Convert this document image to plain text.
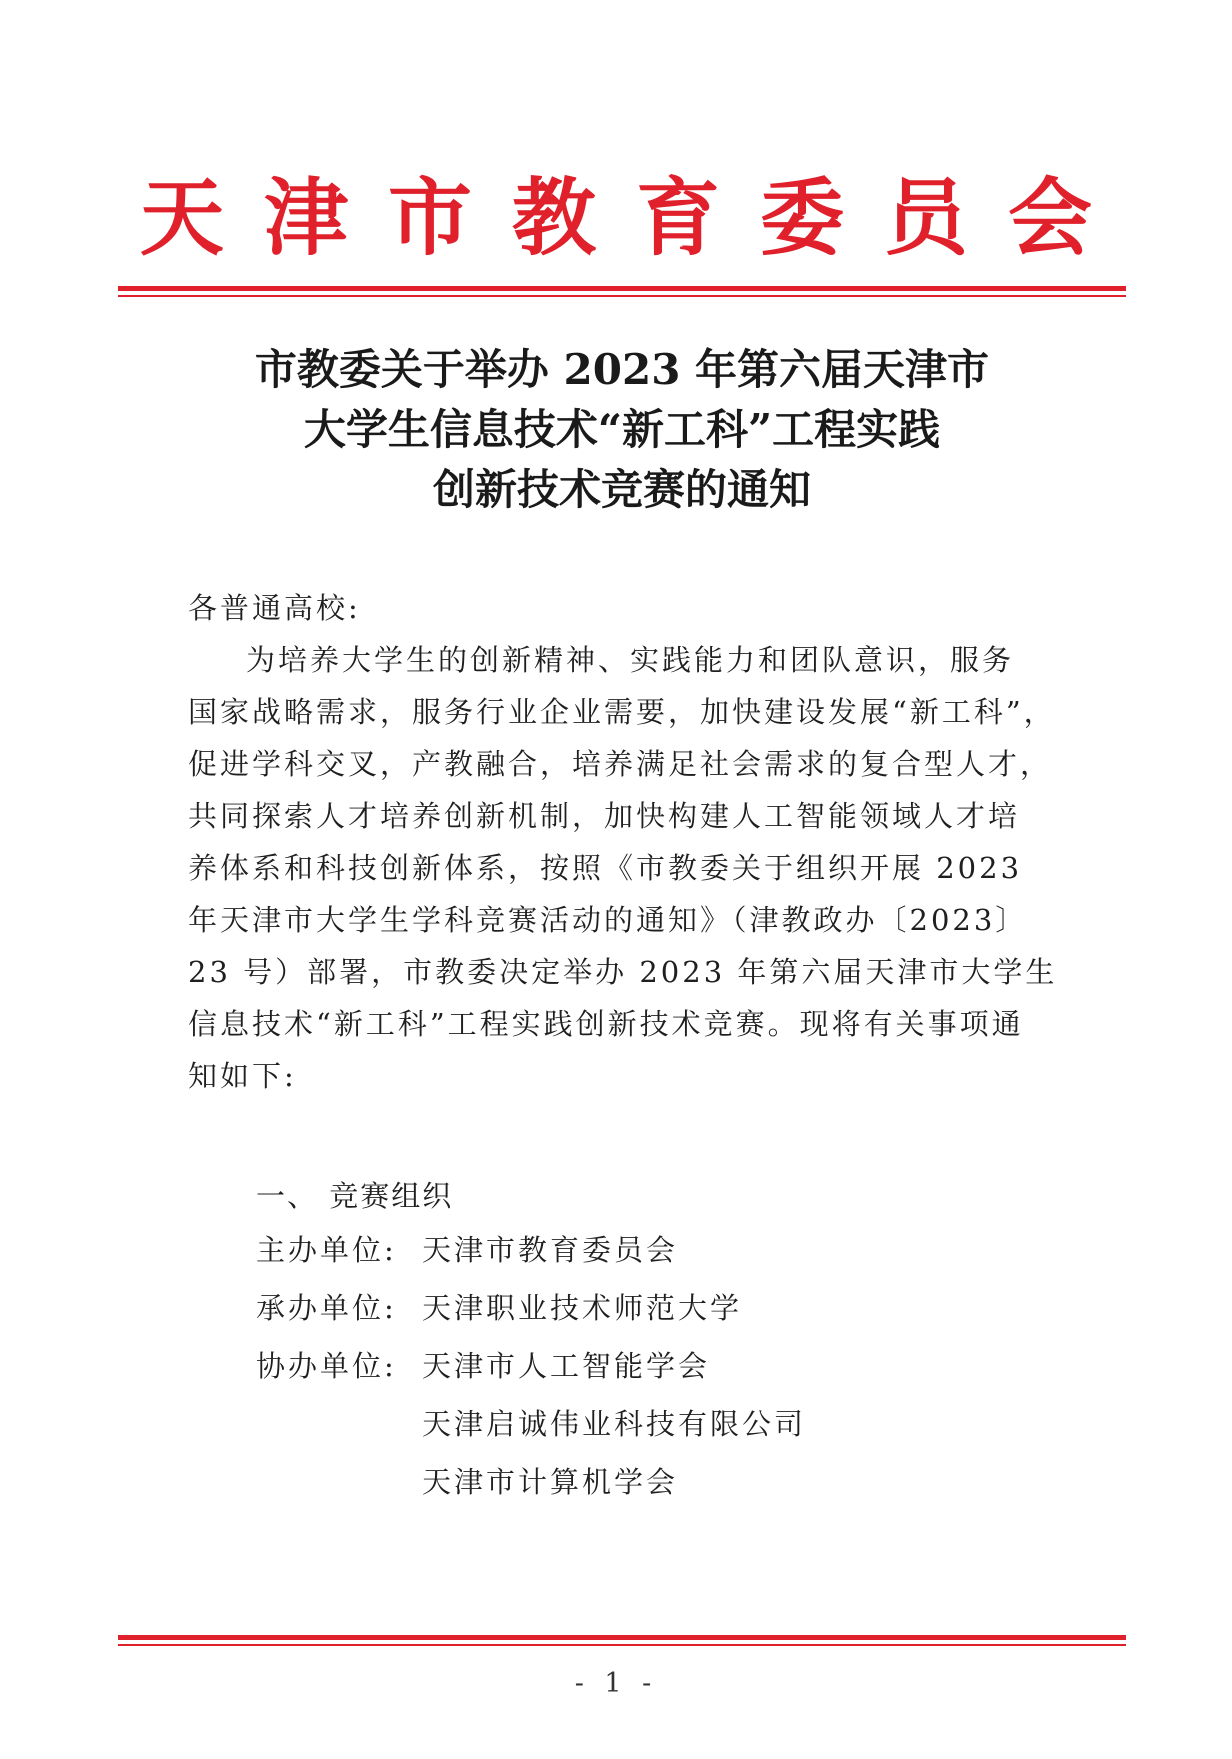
天津市教育委员会
市教委关于举办 2023 年第六届天津市
大学生信息技术“新工科”工程实践
创新技术竞赛的通知
各普通高校:
为培养大学生的创新精神、实践能力和团队意识，服务
国家战略需求，服务行业企业需要，加快建设发展“新工科”，
促进学科交叉，产教融合，培养满足社会需求的复合型人才，
共同探索人才培养创新机制，加快构建人工智能领域人才培
养体系和科技创新体系，按照《市教委关于组织开展 2023
年天津市大学生学科竞赛活动的通知》（津教政办〔2023〕
23 号）部署，市教委决定举办 2023 年第六届天津市大学生
信息技术“新工科”工程实践创新技术竞赛。现将有关事项通
知如下:
一、 竞赛组织
主办单位: 天津市教育委员会
承办单位: 天津职业技术师范大学
协办单位: 天津市人工智能学会
天津启诚伟业科技有限公司
天津市计算机学会
- 1 -
